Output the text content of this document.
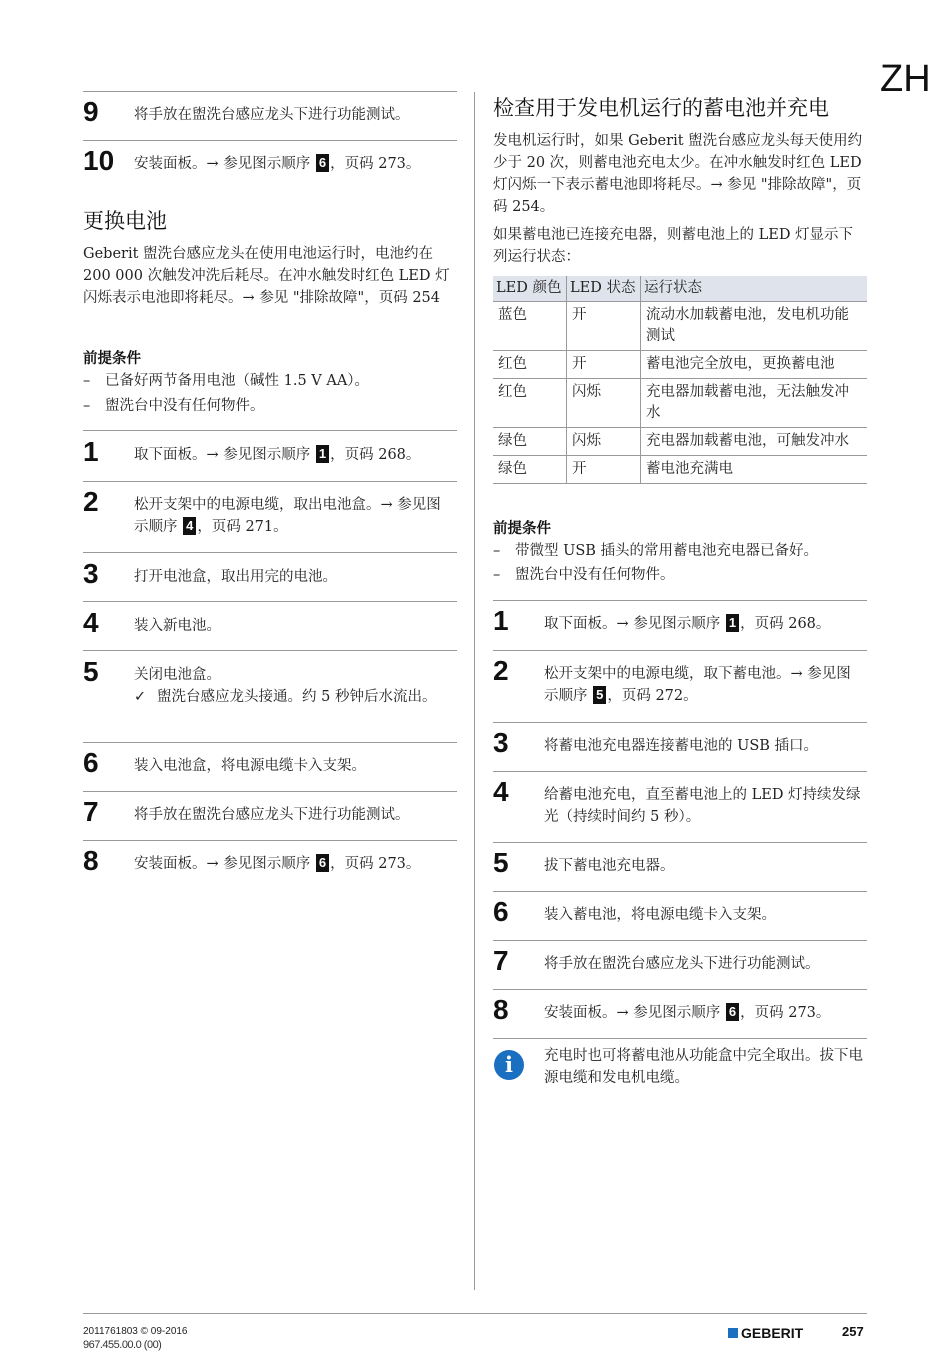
ZH
9 将手放在盥洗台感应龙头下进行功能测试。
10 安装面板。→ 参见图示顺序 6 ，页码 273。
更换电池
Geberit 盥洗台感应龙头在使用电池运行时，电池约在 200 000 次触发冲洗后耗尽。在冲水触发时红色 LED 灯闪烁表示电池即将耗尽。→ 参见 "排除故障"，页码 254
前提条件
– 已备好两节备用电池（碱性 1.5 V AA）。
– 盥洗台中没有任何物件。
1 取下面板。→ 参见图示顺序 1 ，页码 268。
2 松开支架中的电源电缆，取出电池盒。→ 参见图示顺序 4 ，页码 271。
3 打开电池盒，取出用完的电池。
4 装入新电池。
5 关闭电池盒。
✓ 盥洗台感应龙头接通。约 5 秒钟后水流出。
6 装入电池盒，将电源电缆卡入支架。
7 将手放在盥洗台感应龙头下进行功能测试。
8 安装面板。→ 参见图示顺序 6 ，页码 273。
检查用于发电机运行的蓄电池并充电
发电机运行时，如果 Geberit 盥洗台感应龙头每天使用约少于 20 次，则蓄电池充电太少。在冲水触发时红色 LED 灯闪烁一下表示蓄电池即将耗尽。→ 参见 "排除故障"，页码 254。
如果蓄电池已连接充电器，则蓄电池上的 LED 灯显示下列运行状态：
LED 颜色	LED 状态	运行状态
蓝色	开	流动水加载蓄电池，发电机功能测试
红色	开	蓄电池完全放电，更换蓄电池
红色	闪烁	充电器加载蓄电池，无法触发冲水
绿色	闪烁	充电器加载蓄电池，可触发冲水
绿色	开	蓄电池充满电
前提条件
– 带微型 USB 插头的常用蓄电池充电器已备好。
– 盥洗台中没有任何物件。
1 取下面板。→ 参见图示顺序 1 ，页码 268。
2 松开支架中的电源电缆，取下蓄电池。→ 参见图示顺序 5 ，页码 272。
3 将蓄电池充电器连接蓄电池的 USB 插口。
4 给蓄电池充电，直至蓄电池上的 LED 灯持续发绿光（持续时间约 5 秒）。
5 拔下蓄电池充电器。
6 装入蓄电池，将电源电缆卡入支架。
7 将手放在盥洗台感应龙头下进行功能测试。
8 安装面板。→ 参见图示顺序 6 ，页码 273。
i	充电时也可将蓄电池从功能盒中完全取出。拔下电源电缆和发电机电缆。
2011761803 © 09-2016
967.455.00.0 (00)
GEBERIT	257
